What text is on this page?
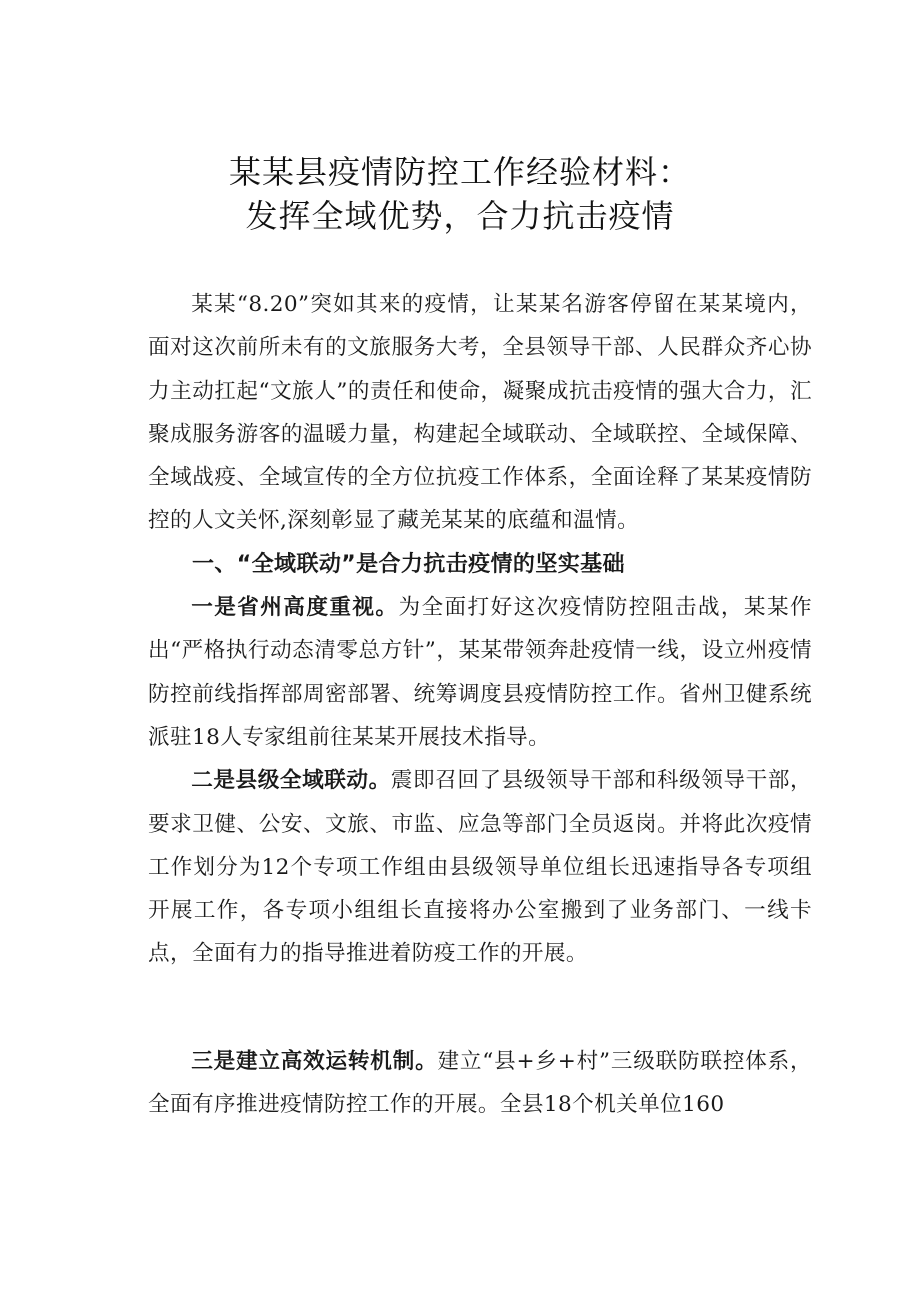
某某县疫情防控工作经验材料：
发挥全域优势，合力抗击疫情

某某“8.20”突如其来的疫情，让某某名游客停留在某某境内，面对这次前所未有的文旅服务大考，全县领导干部、人民群众齐心协力主动扛起“文旅人”的责任和使命，凝聚成抗击疫情的强大合力，汇聚成服务游客的温暖力量，构建起全域联动、全域联控、全域保障、全域战疫、全域宣传的全方位抗疫工作体系，全面诠释了某某疫情防控的人文关怀,深刻彰显了藏羌某某的底蕴和温情。

一、“全域联动”是合力抗击疫情的坚实基础

一是省州高度重视。为全面打好这次疫情防控阻击战，某某作出“严格执行动态清零总方针”，某某带领奔赴疫情一线，设立州疫情防控前线指挥部周密部署、统筹调度县疫情防控工作。省州卫健系统派驻18人专家组前往某某开展技术指导。

二是县级全域联动。震即召回了县级领导干部和科级领导干部，要求卫健、公安、文旅、市监、应急等部门全员返岗。并将此次疫情工作划分为12个专项工作组由县级领导单位组长迅速指导各专项组开展工作，各专项小组组长直接将办公室搬到了业务部门、一线卡点，全面有力的指导推进着防疫工作的开展。

三是建立高效运转机制。建立“县+乡+村”三级联防联控体系，全面有序推进疫情防控工作的开展。全县18个机关单位160
